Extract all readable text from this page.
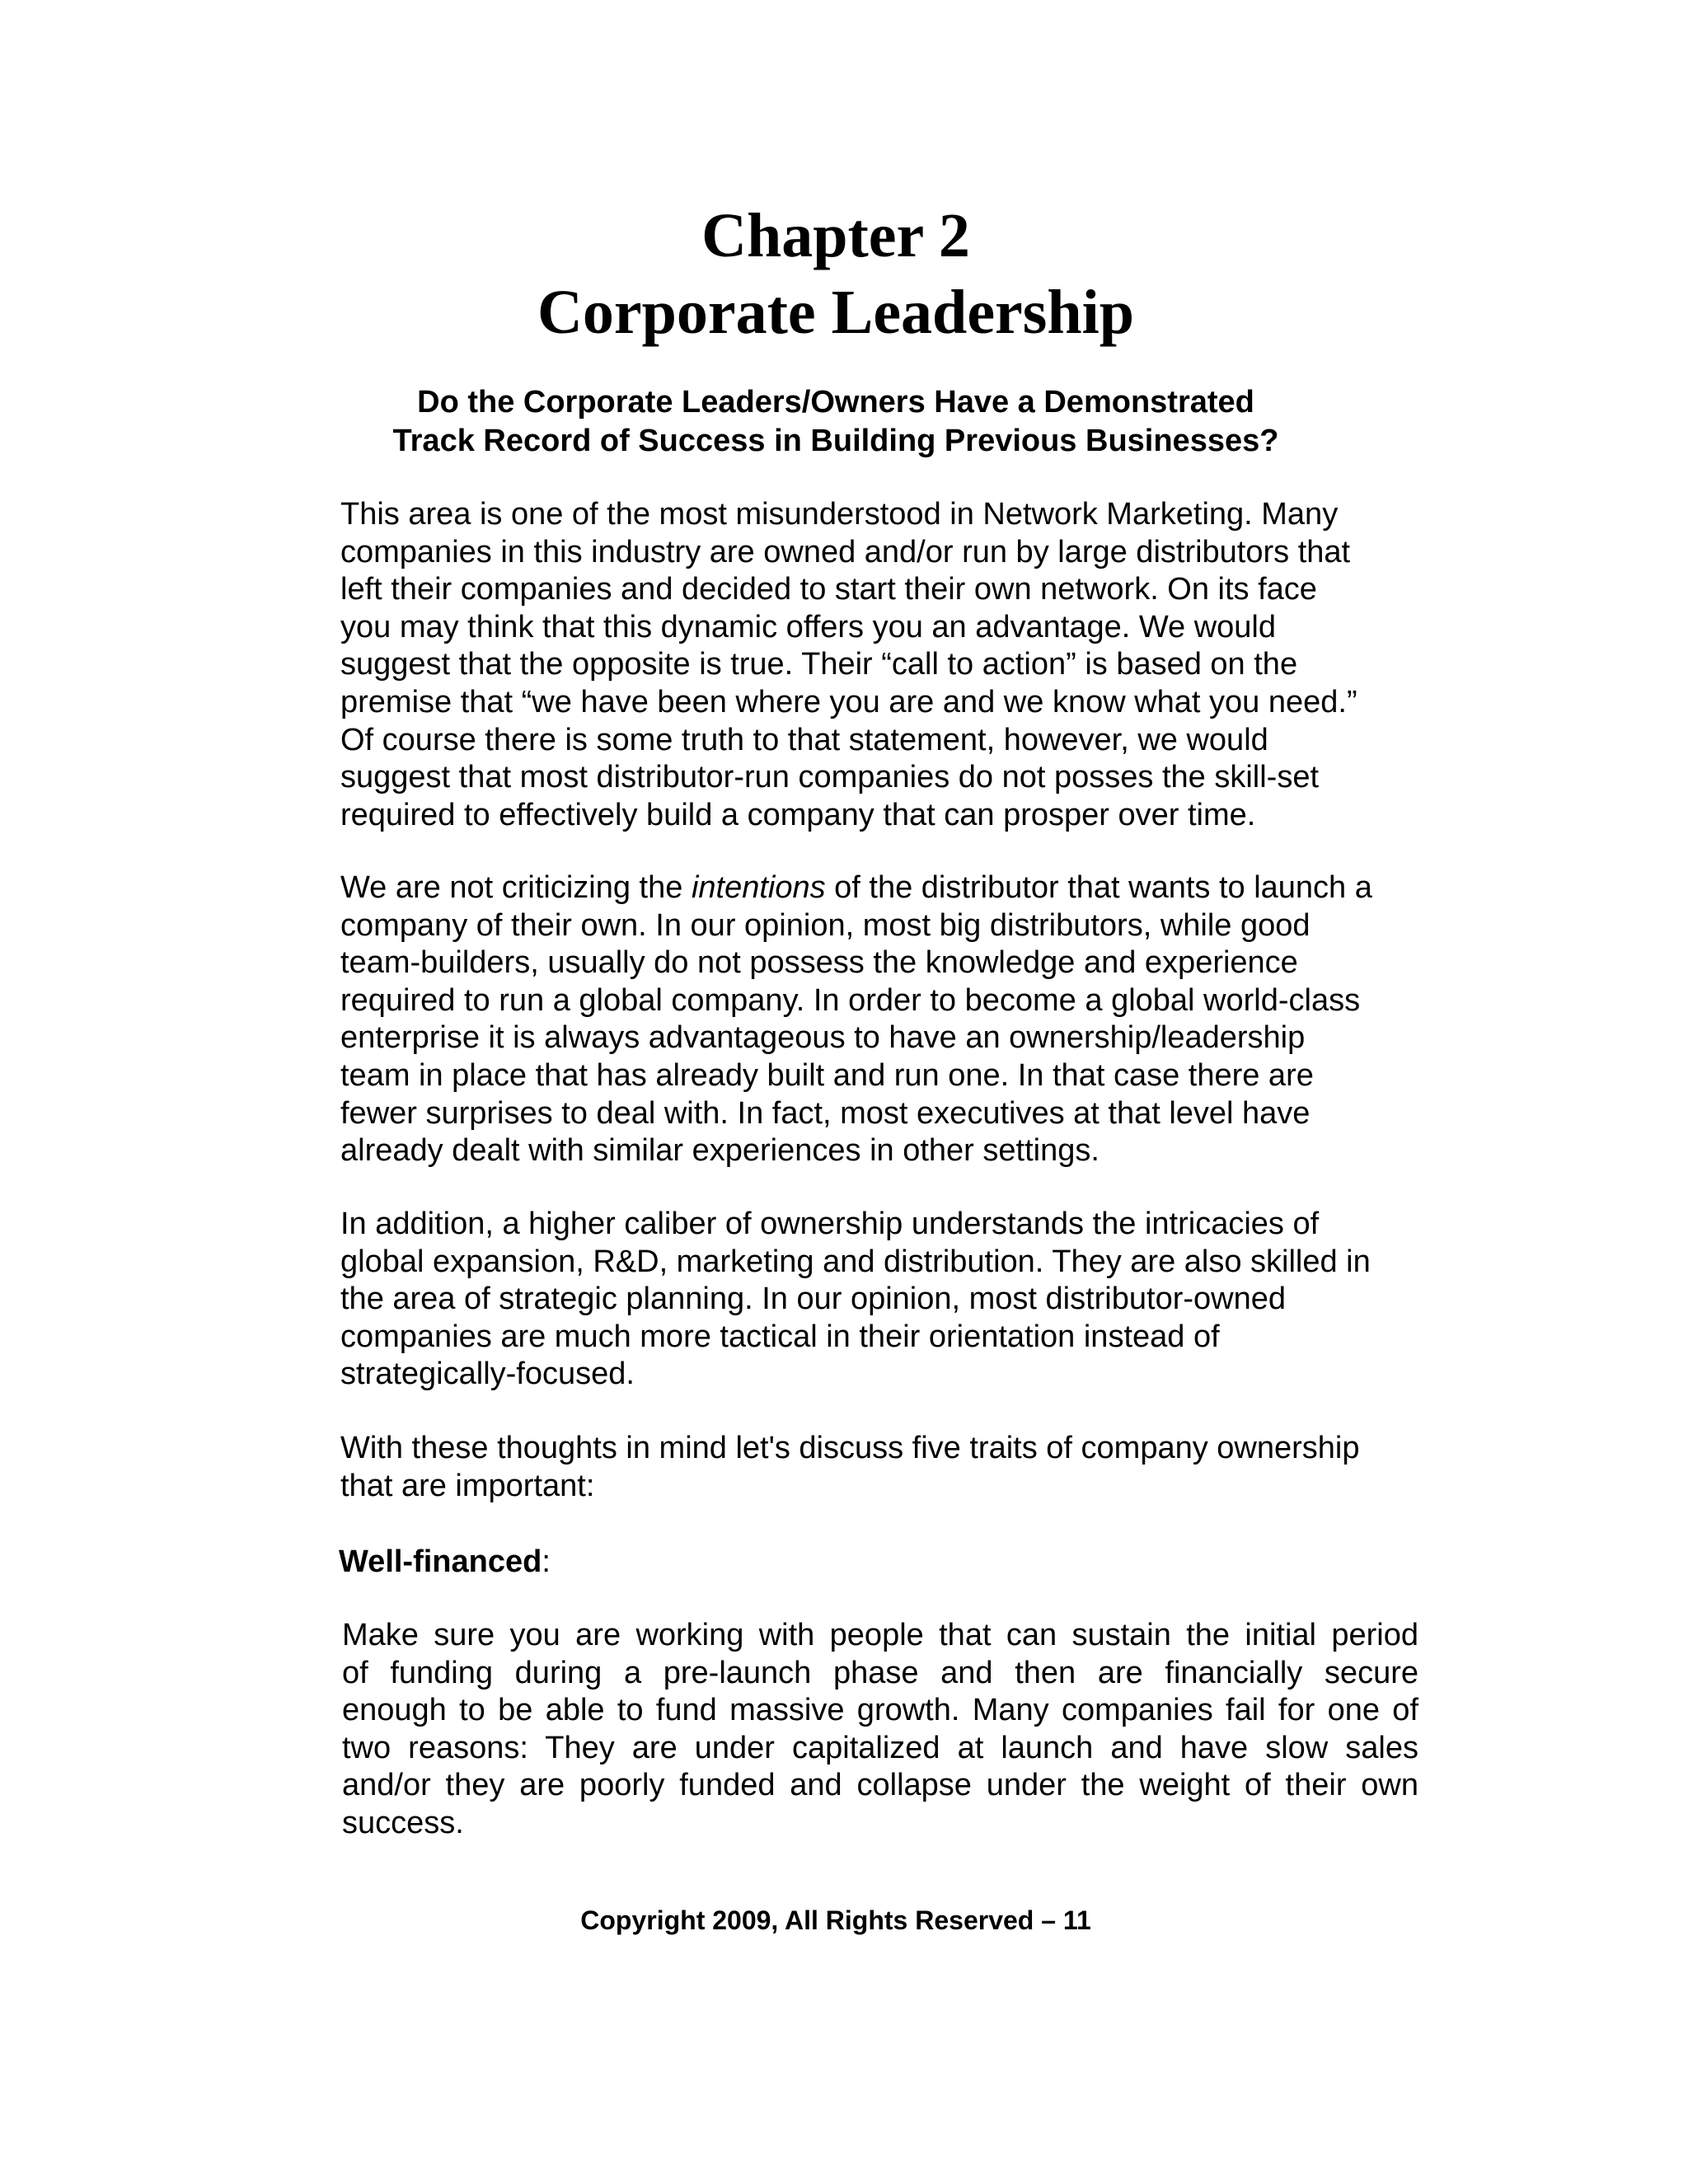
Chapter 2
Corporate Leadership
Do the Corporate Leaders/Owners Have a Demonstrated
Track Record of Success in Building Previous Businesses?
This area is one of the most misunderstood in Network Marketing. Many
companies in this industry are owned and/or run by large distributors that
left their companies and decided to start their own network. On its face
you may think that this dynamic offers you an advantage. We would
suggest that the opposite is true. Their “call to action” is based on the
premise that “we have been where you are and we know what you need.”
Of course there is some truth to that statement, however, we would
suggest that most distributor-run companies do not posses the skill-set
required to effectively build a company that can prosper over time.
We are not criticizing the intentions of the distributor that wants to launch a
company of their own. In our opinion, most big distributors, while good
team-builders, usually do not possess the knowledge and experience
required to run a global company. In order to become a global world-class
enterprise it is always advantageous to have an ownership/leadership
team in place that has already built and run one. In that case there are
fewer surprises to deal with. In fact, most executives at that level have
already dealt with similar experiences in other settings.
In addition, a higher caliber of ownership understands the intricacies of
global expansion, R&D, marketing and distribution. They are also skilled in
the area of strategic planning. In our opinion, most distributor-owned
companies are much more tactical in their orientation instead of
strategically-focused.
With these thoughts in mind let's discuss five traits of company ownership
that are important:

Well-financed:

Make sure you are working with people that can sustain the initial period
of funding during a pre-launch phase and then are financially secure
enough to be able to fund massive growth. Many companies fail for one of
two reasons: They are under capitalized at launch and have slow sales
and/or they are poorly funded and collapse under the weight of their own
success.

Copyright 2009, All Rights Reserved – 11
